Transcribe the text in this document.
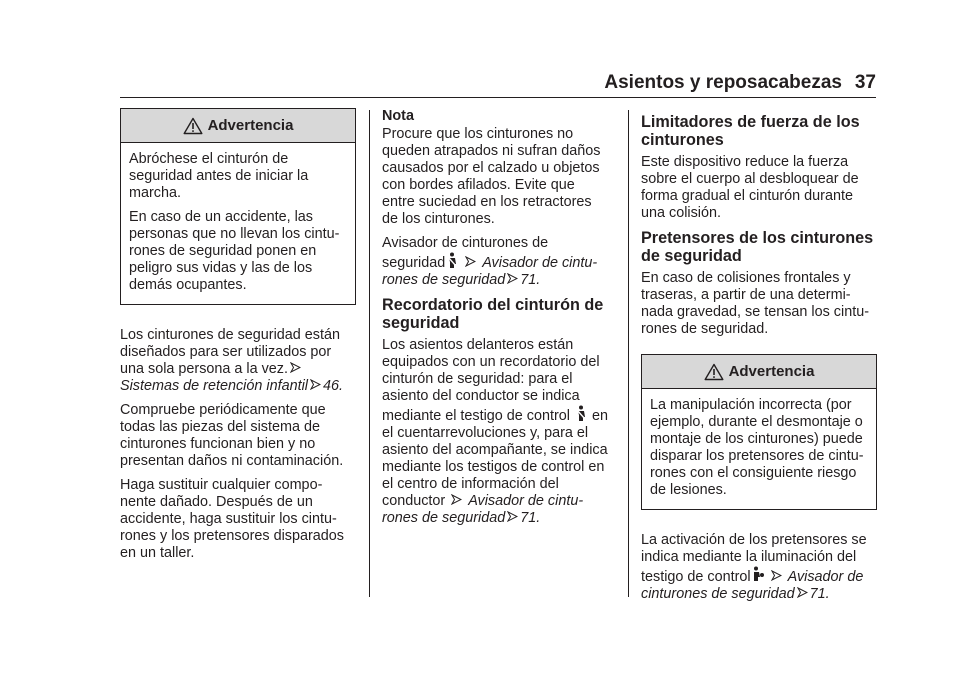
Asientos y reposacabezas 37
Advertencia

Abróchese el cinturón de seguridad antes de iniciar la marcha.

En caso de un accidente, las personas que no llevan los cintu-rones de seguridad ponen en peligro sus vidas y las de los demás ocupantes.

Los cinturones de seguridad están diseñados para ser utilizados por una sola persona a la vez. Sistemas de retención infantil 46.

Compruebe periódicamente que todas las piezas del sistema de cinturones funcionan bien y no presentan daños ni contaminación.

Haga sustituir cualquier compo-nente dañado. Después de un accidente, haga sustituir los cintu-rones y los pretensores disparados en un taller.

Nota

Procure que los cinturones no queden atrapados ni sufran daños causados por el calzado u objetos con bordes afilados. Evite que entre suciedad en los retractores de los cinturones.

Avisador de cinturones de seguridad	Avisador de cintu-rones de seguridad 71.

Recordatorio del cinturón de seguridad

Los asientos delanteros están equipados con un recordatorio del cinturón de seguridad: para el asiento del conductor se indica mediante el testigo de control en el cuentarrevoluciones y, para el asiento del acompañante, se indica mediante los testigos de control en el centro de información del conductor Avisador de cintu-rones de seguridad 71.

Limitadores de fuerza de los cinturones

Este dispositivo reduce la fuerza sobre el cuerpo al desbloquear de forma gradual el cinturón durante una colisión.

Pretensores de los cinturones de seguridad

En caso de colisiones frontales y traseras, a partir de una determi-nada gravedad, se tensan los cintu-rones de seguridad.

Advertencia

La manipulación incorrecta (por ejemplo, durante el desmontaje o montaje de los cinturones) puede disparar los pretensores de cintu-rones con el consiguiente riesgo de lesiones.

La activación de los pretensores se indica mediante la iluminación del testigo de control	Avisador de cinturones de seguridad 71.
